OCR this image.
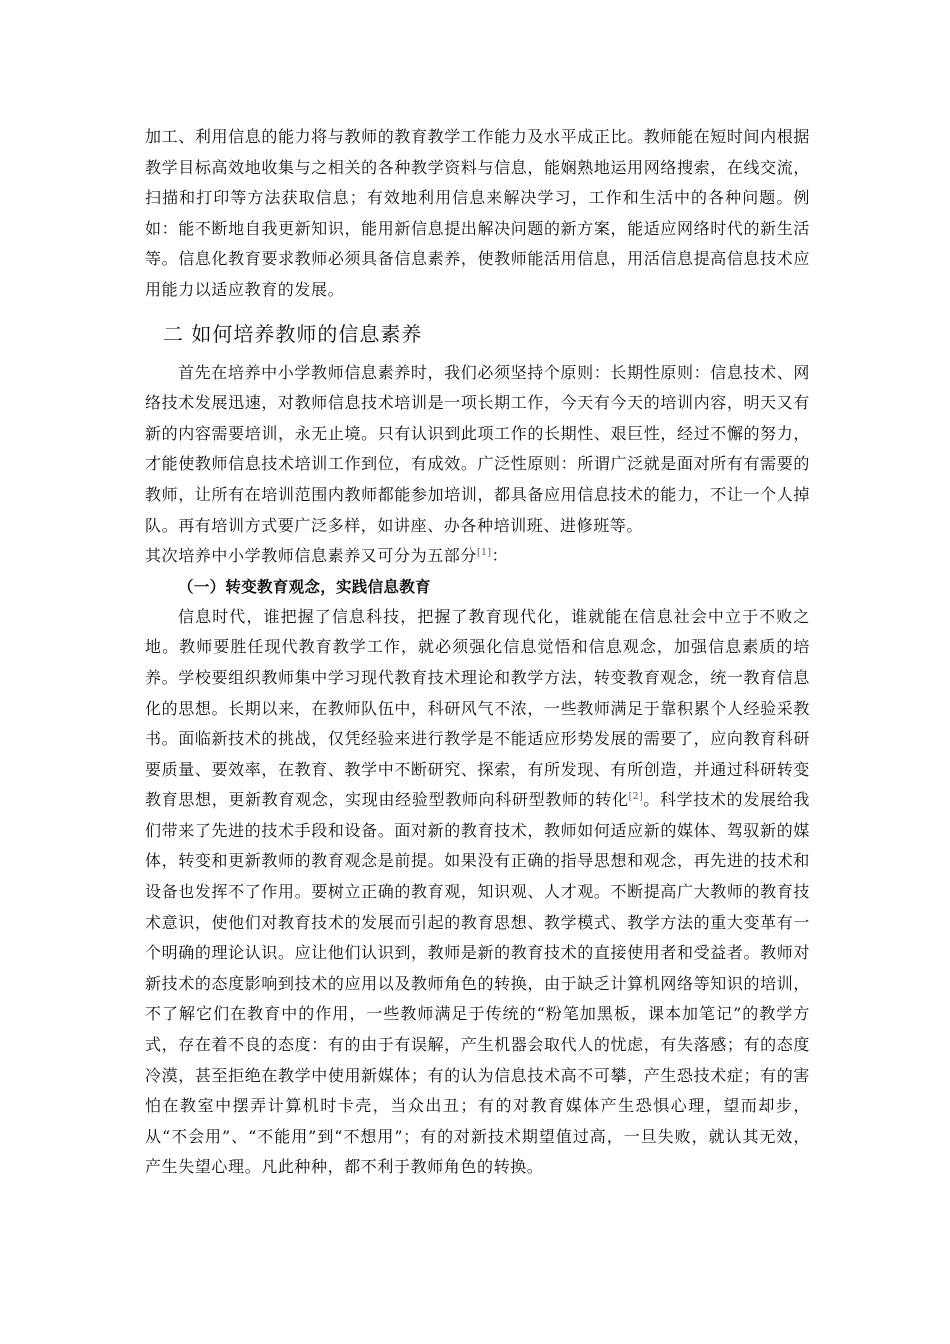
加工、利用信息的能力将与教师的教育教学工作能力及水平成正比。教师能在短时间内根据教学目标高效地收集与之相关的各种教学资料与信息，能娴熟地运用网络搜索，在线交流，扫描和打印等方法获取信息；有效地利用信息来解决学习，工作和生活中的各种问题。例如：能不断地自我更新知识，能用新信息提出解决问题的新方案，能适应网络时代的新生活等。信息化教育要求教师必须具备信息素养，使教师能活用信息，用活信息提高信息技术应用能力以适应教育的发展。

二 如何培养教师的信息素养

首先在培养中小学教师信息素养时，我们必须坚持个原则：长期性原则：信息技术、网络技术发展迅速，对教师信息技术培训是一项长期工作，今天有今天的培训内容，明天又有新的内容需要培训，永无止境。只有认识到此项工作的长期性、艰巨性，经过不懈的努力，才能使教师信息技术培训工作到位，有成效。广泛性原则：所谓广泛就是面对所有有需要的教师，让所有在培训范围内教师都能参加培训，都具备应用信息技术的能力，不让一个人掉队。再有培训方式要广泛多样，如讲座、办各种培训班、进修班等。

其次培养中小学教师信息素养又可分为五部分[1]：

（一）转变教育观念，实践信息教育

信息时代，谁把握了信息科技，把握了教育现代化，谁就能在信息社会中立于不败之地。教师要胜任现代教育教学工作，就必须强化信息觉悟和信息观念，加强信息素质的培养。学校要组织教师集中学习现代教育技术理论和教学方法，转变教育观念，统一教育信息化的思想。长期以来，在教师队伍中，科研风气不浓，一些教师满足于靠积累个人经验采教书。面临新技术的挑战，仅凭经验来进行教学是不能适应形势发展的需要了，应向教育科研要质量、要效率，在教育、教学中不断研究、探索，有所发现、有所创造，并通过科研转变教育思想，更新教育观念，实现由经验型教师向科研型教师的转化[2]。科学技术的发展给我们带来了先进的技术手段和设备。面对新的教育技术，教师如何适应新的媒体、驾驭新的媒体，转变和更新教师的教育观念是前提。如果没有正确的指导思想和观念，再先进的技术和设备也发挥不了作用。要树立正确的教育观，知识观、人才观。不断提高广大教师的教育技术意识，使他们对教育技术的发展而引起的教育思想、教学模式、教学方法的重大变革有一个明确的理论认识。应让他们认识到，教师是新的教育技术的直接使用者和受益者。教师对新技术的态度影响到技术的应用以及教师角色的转换，由于缺乏计算机网络等知识的培训，不了解它们在教育中的作用，一些教师满足于传统的“粉笔加黑板，课本加笔记”的教学方式，存在着不良的态度：有的由于有误解，产生机器会取代人的忧虑，有失落感；有的态度冷漠，甚至拒绝在教学中使用新媒体；有的认为信息技术高不可攀，产生恐技术症；有的害怕在教室中摆弄计算机时卡壳，当众出丑；有的对教育媒体产生恐惧心理，望而却步，从“不会用”、“不能用”到“不想用”；有的对新技术期望值过高，一旦失败，就认其无效，产生失望心理。凡此种种，都不利于教师角色的转换。
